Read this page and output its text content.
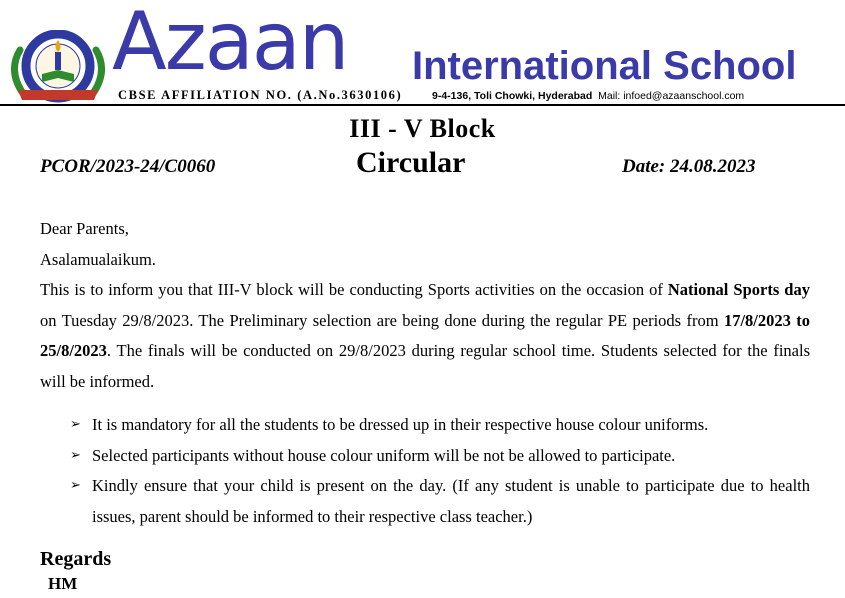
Azaan International School
CBSE AFFILIATION NO. (A.No.3630106)	9-4-136, Toli Chowki, Hyderabad Mail: infoed@azaanschool.com
III - V Block
PCOR/2023-24/C0060	Circular	Date: 24.08.2023

Dear Parents,

Asalamualaikum.

This is to inform you that III-V block will be conducting Sports activities on the occasion of National Sports day on Tuesday 29/8/2023. The Preliminary selection are being done during the regular PE periods from 17/8/2023 to 25/8/2023. The finals will be conducted on 29/8/2023 during regular school time. Students selected for the finals will be informed.

➢ It is mandatory for all the students to be dressed up in their respective house colour uniforms.
➢ Selected participants without house colour uniform will be not be allowed to participate.
➢ Kindly ensure that your child is present on the day. (If any student is unable to participate due to health issues, parent should be informed to their respective class teacher.)
Regards
HM
